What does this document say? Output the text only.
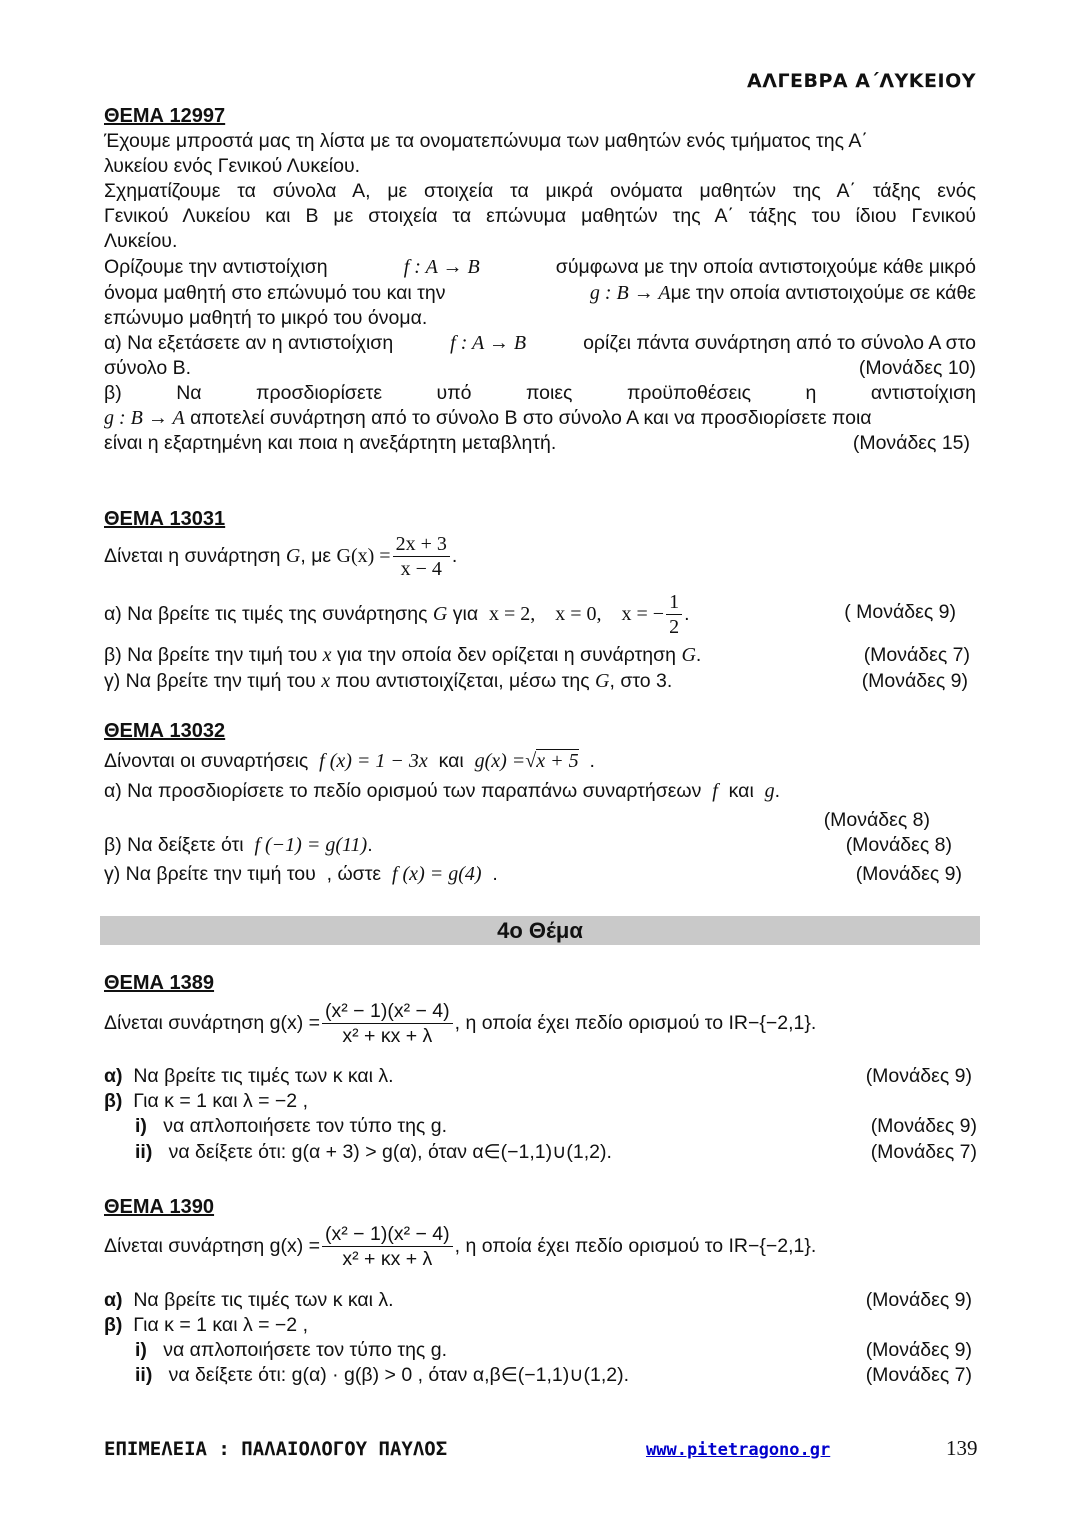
ΑΛΓΕΒΡΑ Α΄ΛΥΚΕΙΟΥ
ΘΕΜΑ 12997
Έχουμε μπροστά μας τη λίστα με τα ονοματεπώνυμα των μαθητών ενός τμήματος της Α΄
λυκείου ενός Γενικού Λυκείου.
Σχηματίζουμε τα σύνολα Α, με στοιχεία τα μικρά ονόματα μαθητών της Α΄ τάξης ενός
Γενικού Λυκείου και Β με στοιχεία τα επώνυμα μαθητών της Α΄ τάξης του ίδιου Γενικού
Λυκείου.
Ορίζουμε την αντιστοίχιση	f : A → B	σύμφωνα με την οποία αντιστοιχούμε κάθε μικρό
όνομα μαθητή στο επώνυμό του και την	g : B → Aμε την οποία αντιστοιχούμε σε κάθε
επώνυμο μαθητή το μικρό του όνομα.
α) Να εξετάσετε αν η αντιστοίχιση	f : A → B	ορίζει πάντα συνάρτηση από το σύνολο Α στο
σύνολο Β.	(Μονάδες 10)
β) Να προσδιορίσετε υπό ποιες προϋποθέσεις η αντιστοίχιση
g : B → A αποτελεί συνάρτηση από το σύνολο Β στο σύνολο Α και να προσδιορίσετε ποια
είναι η εξαρτημένη και ποια η ανεξάρτητη μεταβλητή.	(Μονάδες 15)
ΘΕΜΑ 13031
Δίνεται η συνάρτηση
G , με
$G(x) = \frac{2x + 3}{x - 4}$ .
α) Να βρείτε τις τιμές της συνάρτησης
G
για
x = 2,    x = 0,    x = − $\frac{1}{2}$ .	( Μονάδες 9)
β) Να βρείτε την τιμή του x για την οποία δεν ορίζεται η συνάρτηση G.	(Μονάδες 7)
γ) Να βρείτε την τιμή του x που αντιστοιχίζεται, μέσω της G, στο 3.	(Μονάδες 9)
ΘΕΜΑ 13032
Δίνονται οι συναρτήσεις f (x) = 1 − 3x και g(x) =√x + 5  .
α) Να προσδιορίσετε το πεδίο ορισμού των παραπάνω συναρτήσεων f και g.
(Μονάδες 8)
β) Να δείξετε ότι f (−1) = g(11).	(Μονάδες 8)
γ) Να βρείτε την τιμή του , ώστε f (x) = g(4)  .	(Μονάδες 9)
4ο Θέμα
ΘΕΜΑ 1389
Δίνεται συνάρτηση
$g(x) = \frac{\text{(x² − 1)(x² − 4)}}{\text{x² + κx + λ}}$ , η οποία έχει πεδίο ορισμού το IR−{−2,1}.
α) Να βρείτε τις τιμές των κ και λ.	(Μονάδες 9)
β) Για κ = 1 και λ = −2 ,
i) να απλοποιήσετε τον τύπο της g.	(Μονάδες 9)
ii) να δείξετε ότι: g(α + 3) > g(α), όταν α∈(−1,1)∪(1,2).	(Μονάδες 7)
ΘΕΜΑ 1390
Δίνεται συνάρτηση
$g(x) = \frac{\text{(x² − 1)(x² − 4)}}{\text{x² + κx + λ}}$ , η οποία έχει πεδίο ορισμού το IR−{−2,1}.
α) Να βρείτε τις τιμές των κ και λ.	(Μονάδες 9)
β) Για κ = 1 και λ = −2 ,
i) να απλοποιήσετε τον τύπο της g.	(Μονάδες 9)
ii) να δείξετε ότι: g(α) · g(β) > 0 , όταν α,β∈(−1,1)∪(1,2).	(Μονάδες 7)
ΕΠΙΜΕΛΕΙΑ : ΠΑΛΑΙΟΛΟΓΟΥ ΠΑΥΛΟΣ	www.pitetragono.gr	139
